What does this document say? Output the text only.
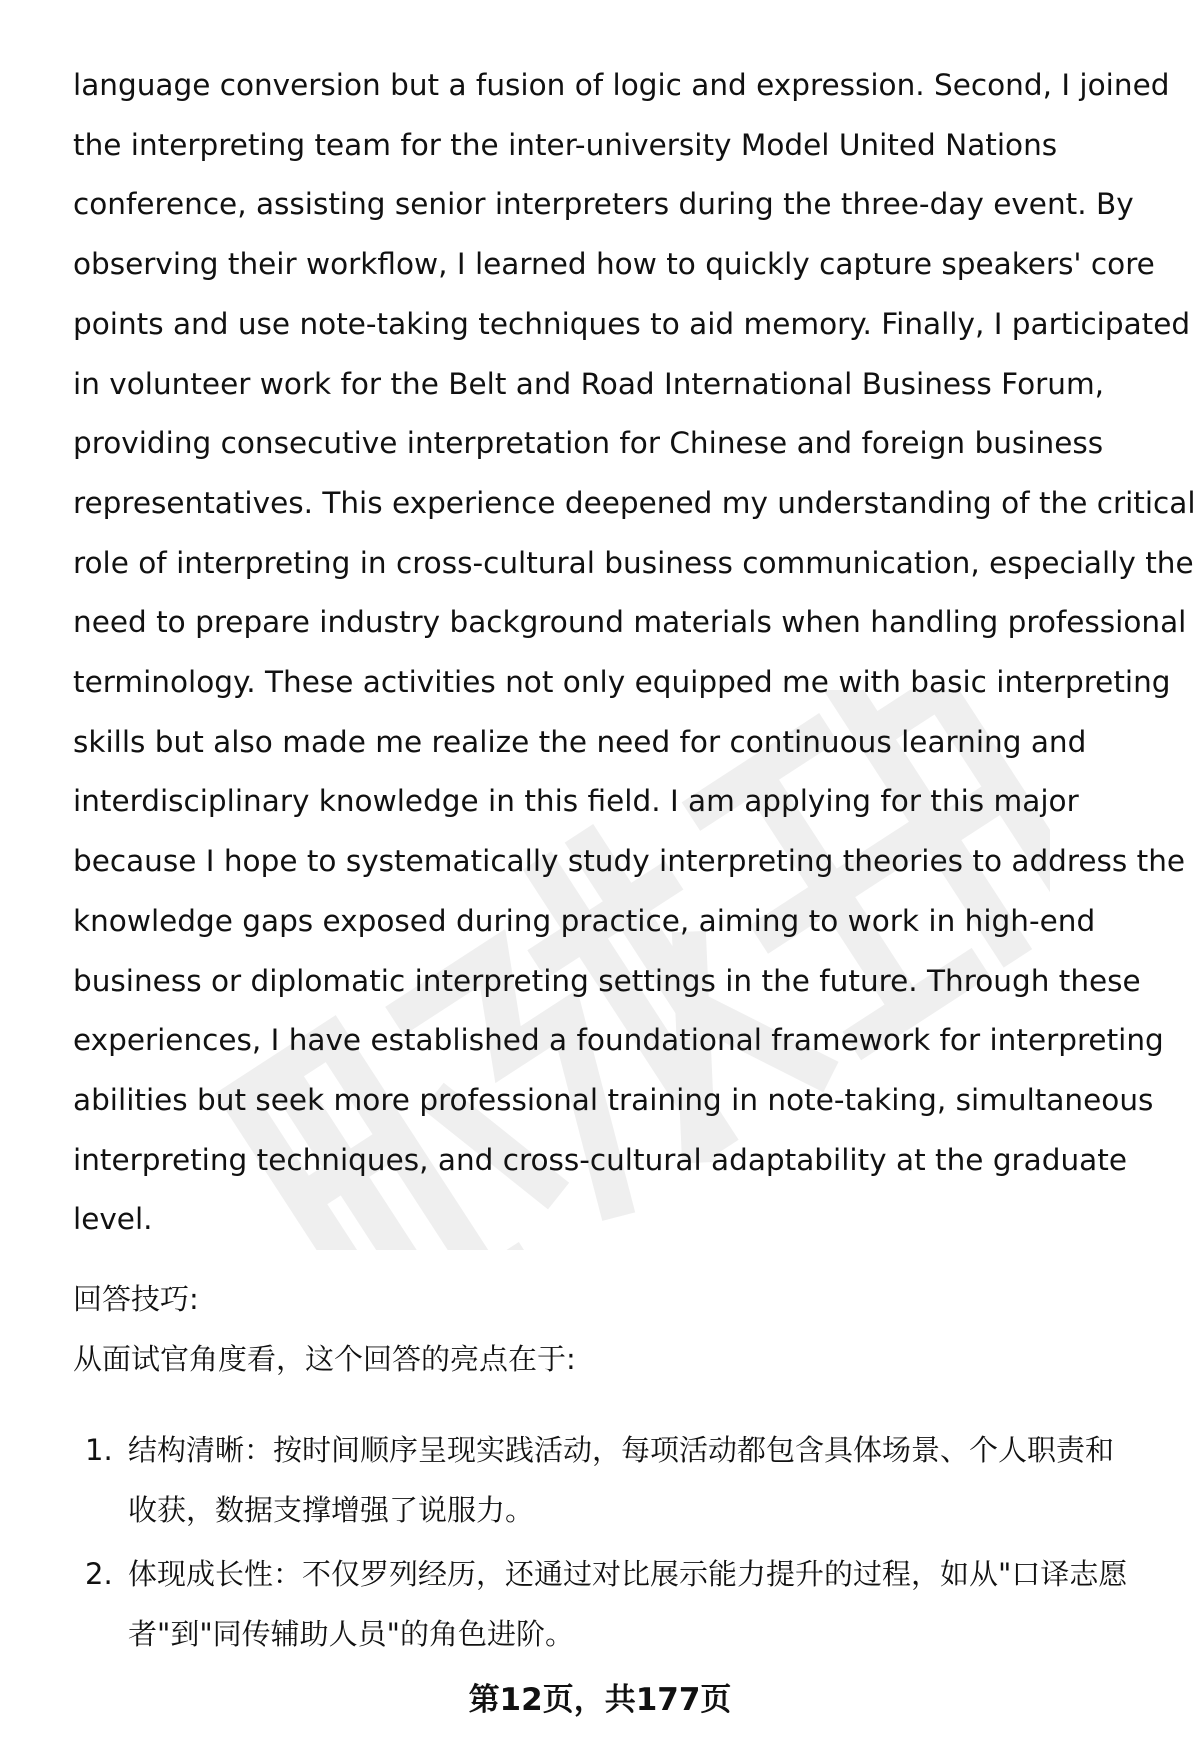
language conversion but a fusion of logic and expression. Second, I joined
the interpreting team for the inter-university Model United Nations
conference, assisting senior interpreters during the three-day event. By
observing their workflow, I learned how to quickly capture speakers' core
points and use note-taking techniques to aid memory. Finally, I participated
in volunteer work for the Belt and Road International Business Forum,
providing consecutive interpretation for Chinese and foreign business
representatives. This experience deepened my understanding of the critical
role of interpreting in cross-cultural business communication, especially the
need to prepare industry background materials when handling professional
terminology. These activities not only equipped me with basic interpreting
skills but also made me realize the need for continuous learning and
interdisciplinary knowledge in this field. I am applying for this major
because I hope to systematically study interpreting theories to address the
knowledge gaps exposed during practice, aiming to work in high-end
business or diplomatic interpreting settings in the future. Through these
experiences, I have established a foundational framework for interpreting
abilities but seek more professional training in note-taking, simultaneous
interpreting techniques, and cross-cultural adaptability at the graduate
level.
回答技巧:
从面试官角度看，这个回答的亮点在于:
1. 结构清晰：按时间顺序呈现实践活动，每项活动都包含具体场景、个人职责和
收获，数据支撑增强了说服力。
2. 体现成长性：不仅罗列经历，还通过对比展示能力提升的过程，如从"口译志愿
者"到"同传辅助人员"的角色进阶。
第12页，共177页
